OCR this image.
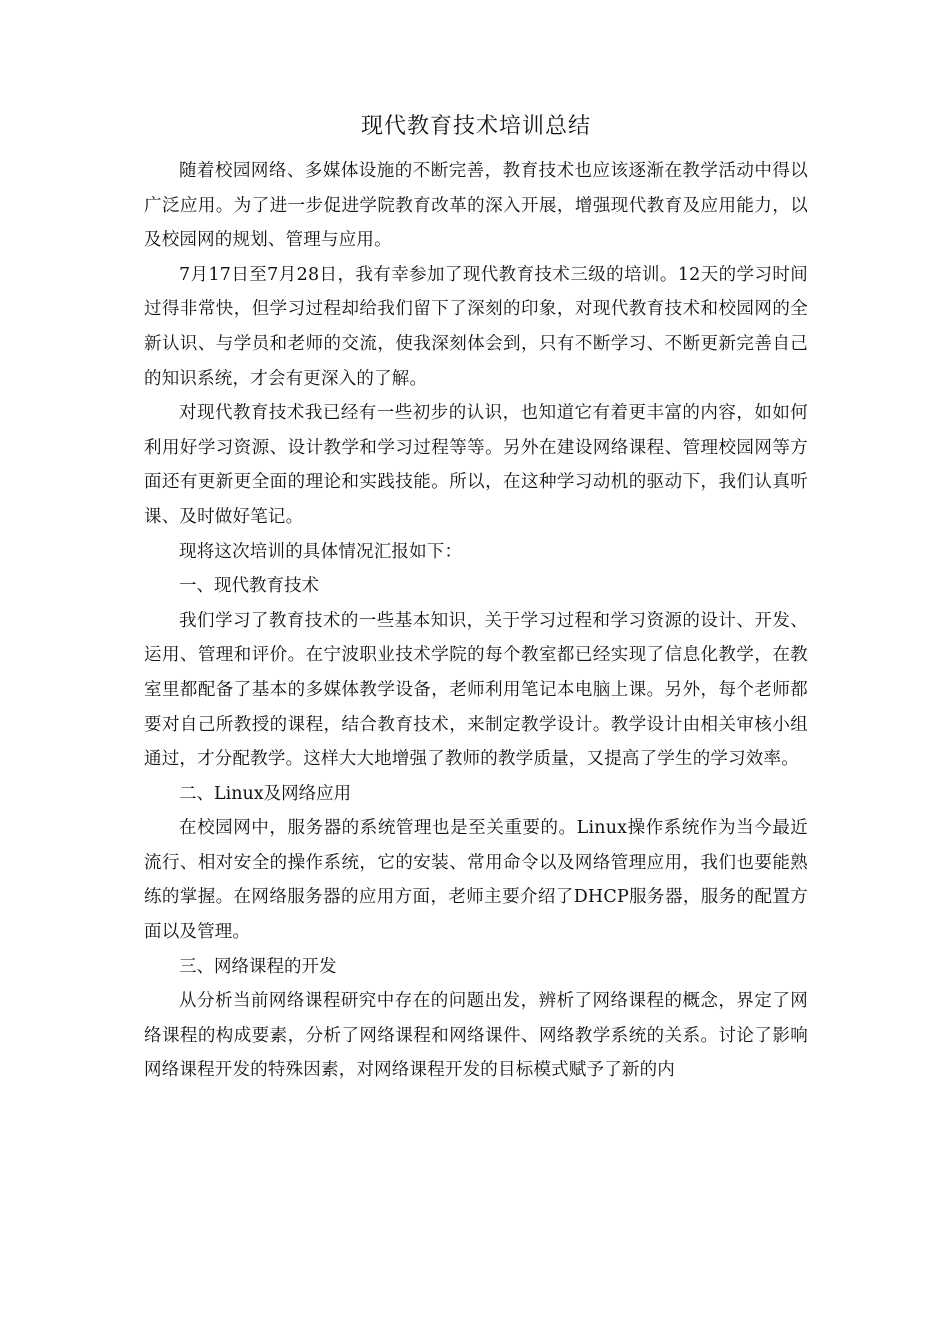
现代教育技术培训总结

随着校园网络、多媒体设施的不断完善，教育技术也应该逐渐在教学活动中得以广泛应用。为了进一步促进学院教育改革的深入开展，增强现代教育及应用能力，以及校园网的规划、管理与应用。

7月17日至7月28日，我有幸参加了现代教育技术三级的培训。12天的学习时间过得非常快，但学习过程却给我们留下了深刻的印象，对现代教育技术和校园网的全新认识、与学员和老师的交流，使我深刻体会到，只有不断学习、不断更新完善自己的知识系统，才会有更深入的了解。

对现代教育技术我已经有一些初步的认识，也知道它有着更丰富的内容，如如何利用好学习资源、设计教学和学习过程等等。另外在建设网络课程、管理校园网等方面还有更新更全面的理论和实践技能。所以，在这种学习动机的驱动下，我们认真听课、及时做好笔记。

现将这次培训的具体情况汇报如下：

一、现代教育技术

我们学习了教育技术的一些基本知识，关于学习过程和学习资源的设计、开发、运用、管理和评价。在宁波职业技术学院的每个教室都已经实现了信息化教学，在教室里都配备了基本的多媒体教学设备，老师利用笔记本电脑上课。另外，每个老师都要对自己所教授的课程，结合教育技术，来制定教学设计。教学设计由相关审核小组通过，才分配教学。这样大大地增强了教师的教学质量，又提高了学生的学习效率。

二、Linux及网络应用

在校园网中，服务器的系统管理也是至关重要的。Linux操作系统作为当今最近流行、相对安全的操作系统，它的安装、常用命令以及网络管理应用，我们也要能熟练的掌握。在网络服务器的应用方面，老师主要介绍了DHCP服务器，服务的配置方面以及管理。

三、网络课程的开发

从分析当前网络课程研究中存在的问题出发，辨析了网络课程的概念，界定了网络课程的构成要素，分析了网络课程和网络课件、网络教学系统的关系。讨论了影响网络课程开发的特殊因素，对网络课程开发的目标模式赋予了新的内
